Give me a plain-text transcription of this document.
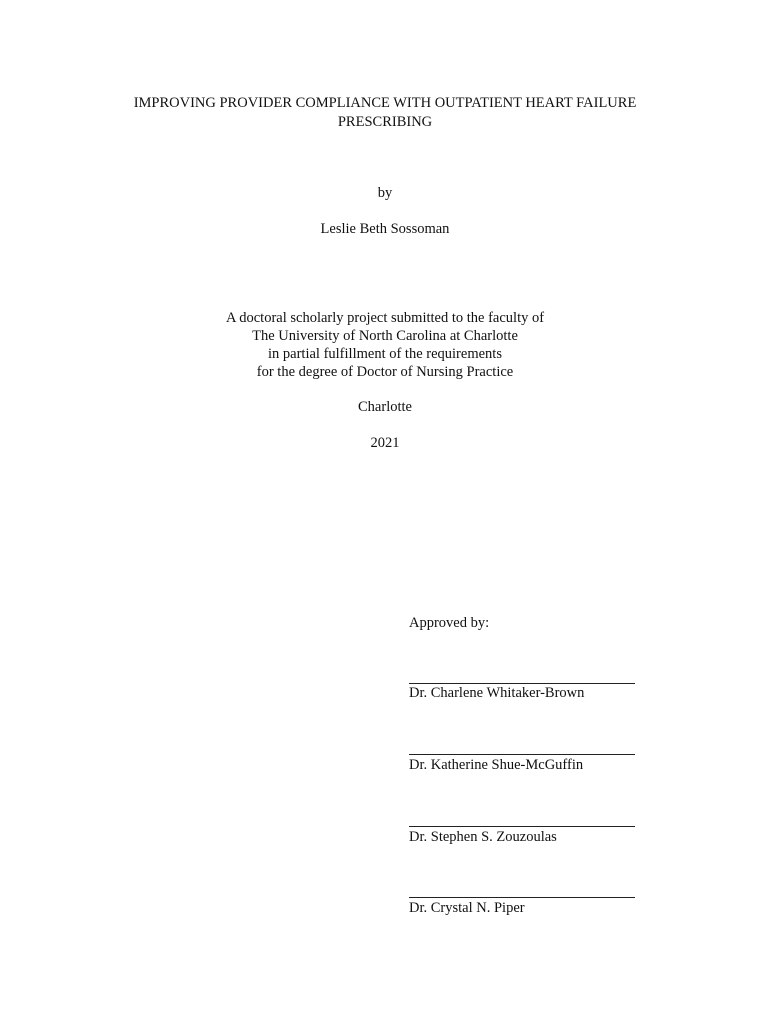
IMPROVING PROVIDER COMPLIANCE WITH OUTPATIENT HEART FAILURE
PRESCRIBING
by
Leslie Beth Sossoman
A doctoral scholarly project submitted to the faculty of
The University of North Carolina at Charlotte
in partial fulfillment of the requirements
for the degree of Doctor of Nursing Practice
Charlotte
2021
Approved by:
Dr. Charlene Whitaker-Brown
Dr. Katherine Shue-McGuffin
Dr. Stephen S. Zouzoulas
Dr. Crystal N. Piper
